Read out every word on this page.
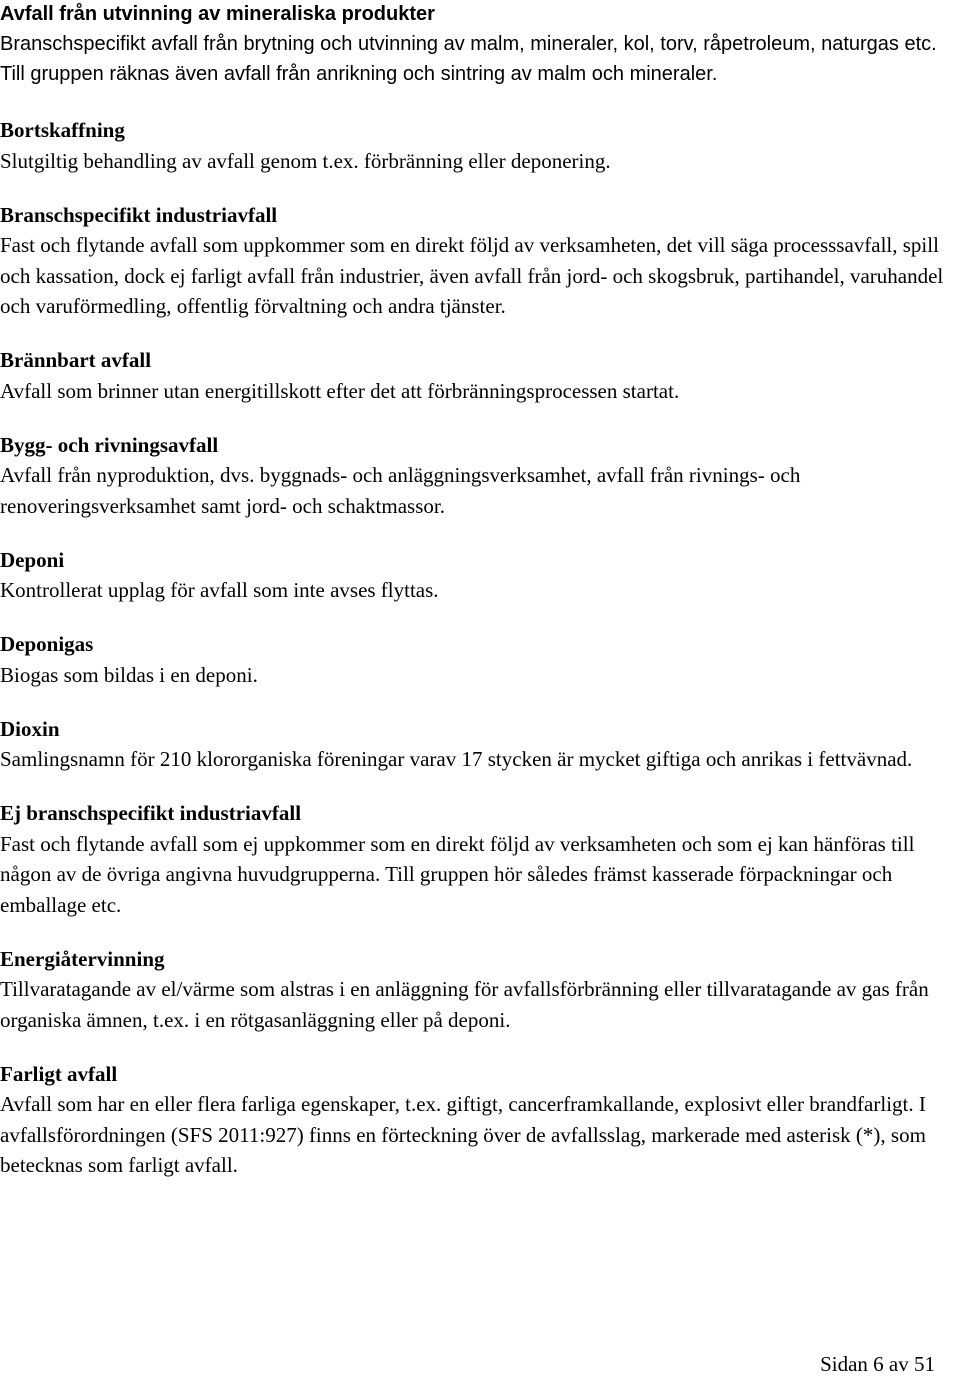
Avfall från utvinning av mineraliska produkter
Branschspecifikt avfall från brytning och utvinning av malm, mineraler, kol, torv, råpetroleum, naturgas etc. Till gruppen räknas även avfall från anrikning och sintring av malm och mineraler.
Bortskaffning
Slutgiltig behandling av avfall genom t.ex. förbränning eller deponering.
Branschspecifikt industriavfall
Fast och flytande avfall som uppkommer som en direkt följd av verksamheten, det vill säga processsavfall, spill och kassation, dock ej farligt avfall från industrier, även avfall från jord- och skogsbruk, partihandel, varuhandel och varuförmedling, offentlig förvaltning och andra tjänster.
Brännbart avfall
Avfall som brinner utan energitillskott efter det att förbränningsprocessen startat.
Bygg- och rivningsavfall
Avfall från nyproduktion, dvs. byggnads- och anläggningsverksamhet, avfall från rivnings- och renoveringsverksamhet samt jord- och schaktmassor.
Deponi
Kontrollerat upplag för avfall som inte avses flyttas.
Deponigas
Biogas som bildas i en deponi.
Dioxin
Samlingsnamn för 210 klororganiska föreningar varav 17 stycken är mycket giftiga och anrikas i fettvävnad.
Ej branschspecifikt industriavfall
Fast och flytande avfall som ej uppkommer som en direkt följd av verksamheten och som ej kan hänföras till någon av de övriga angivna huvudgrupperna. Till gruppen hör således främst kasserade förpackningar och emballage etc.
Energiåtervinning
Tillvaratagande av el/värme som alstras i en anläggning för avfallsförbränning eller tillvaratagande av gas från organiska ämnen, t.ex. i en rötgasanläggning eller på deponi.
Farligt avfall
Avfall som har en eller flera farliga egenskaper, t.ex. giftigt, cancerframkallande, explosivt eller brandfarligt. I avfallsförordningen (SFS 2011:927) finns en förteckning över de avfallsslag, markerade med asterisk (*), som betecknas som farligt avfall.
Sidan 6 av 51
